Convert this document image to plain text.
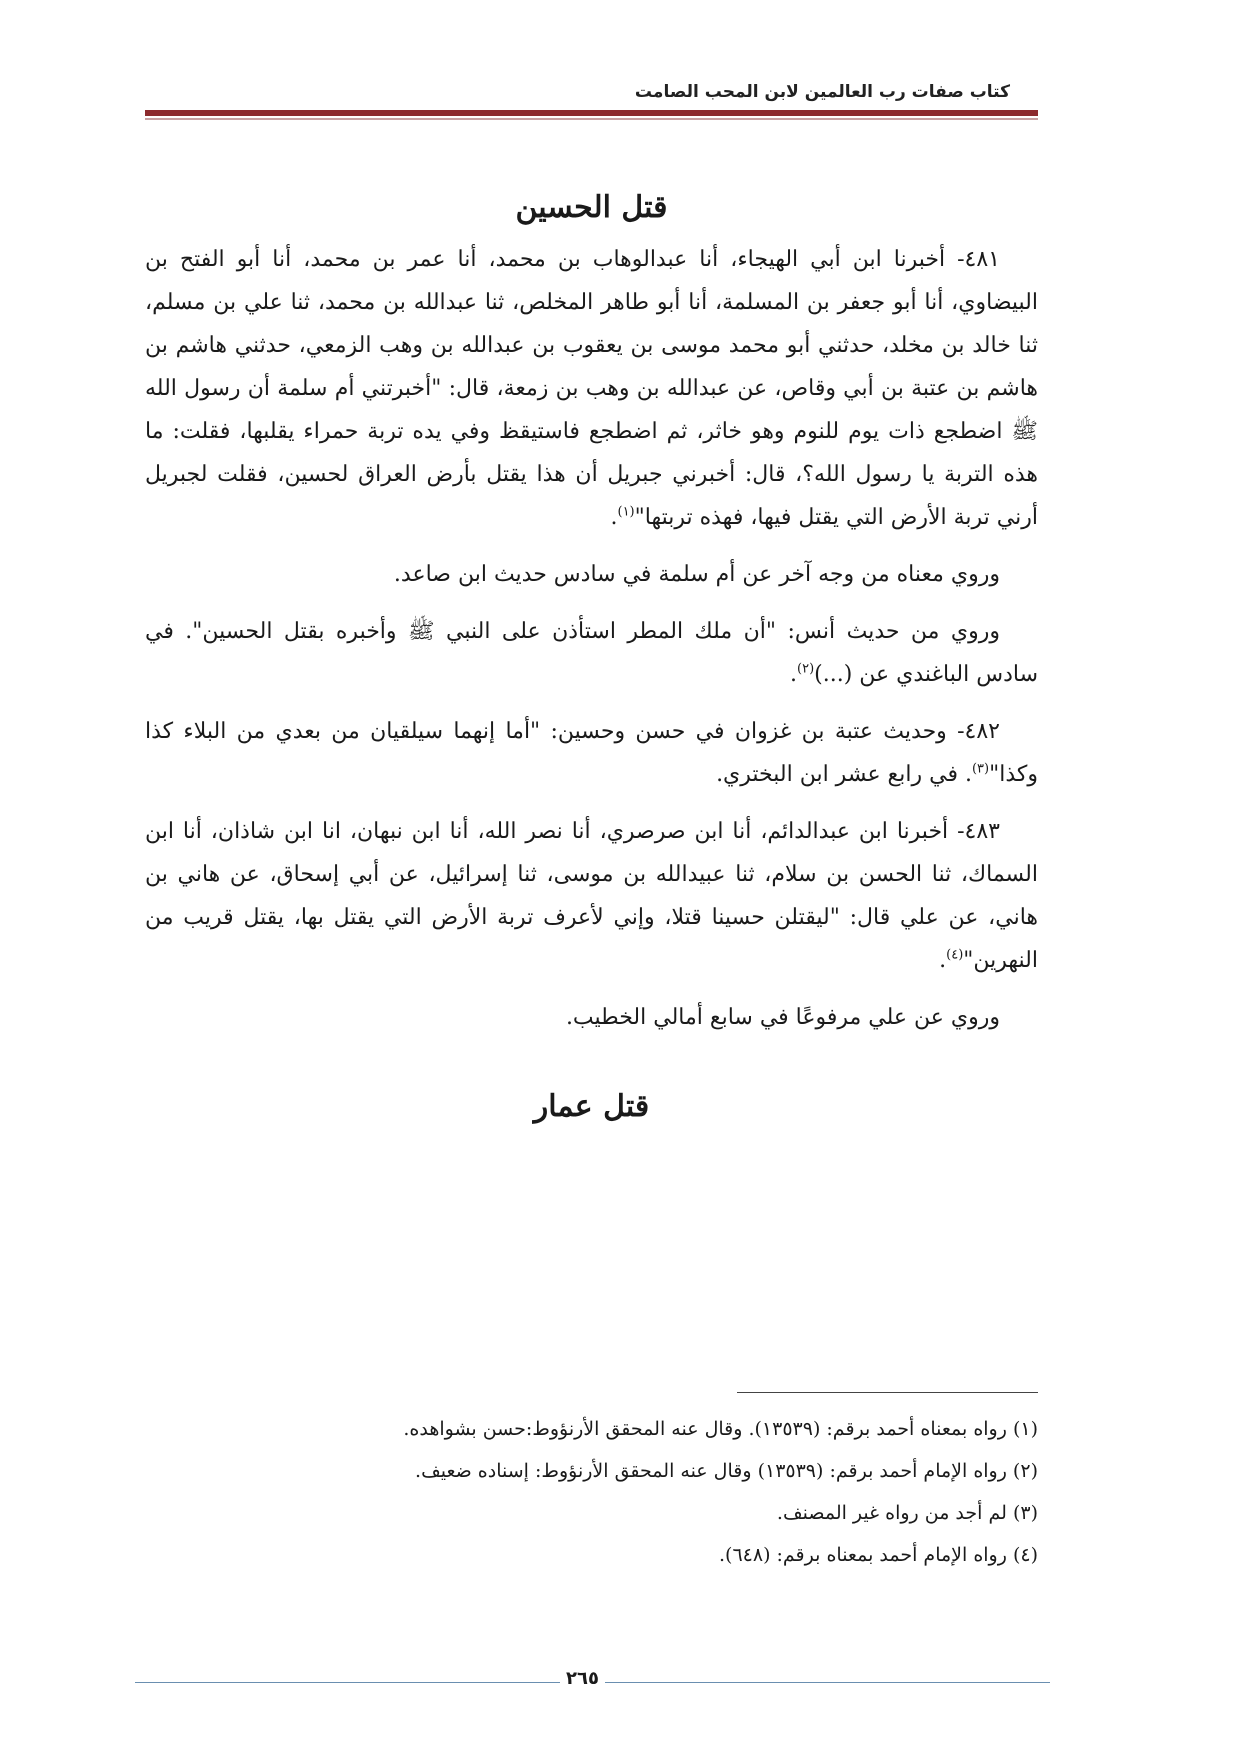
كتاب صفات رب العالمين لابن المحب الصامت
قتل الحسين

٤٨١- أخبرنا ابن أبي الهيجاء، أنا عبدالوهاب بن محمد، أنا عمر بن محمد، أنا أبو الفتح بن البيضاوي، أنا أبو جعفر بن المسلمة، أنا أبو طاهر المخلص، ثنا عبدالله بن محمد، ثنا علي بن مسلم، ثنا خالد بن مخلد، حدثني أبو محمد موسى بن يعقوب بن عبدالله بن وهب الزمعي، حدثني هاشم بن هاشم بن عتبة بن أبي وقاص، عن عبدالله بن وهب بن زمعة، قال: "أخبرتني أم سلمة أن رسول الله ﷺ اضطجع ذات يوم للنوم وهو خاثر، ثم اضطجع فاستيقظ وفي يده تربة حمراء يقلبها، فقلت: ما هذه التربة يا رسول الله؟، قال: أخبرني جبريل أن هذا يقتل بأرض العراق لحسين، فقلت لجبريل أرني تربة الأرض التي يقتل فيها، فهذه تربتها"$^{(١)}$.

وروي معناه من وجه آخر عن أم سلمة في سادس حديث ابن صاعد.

وروي من حديث أنس: "أن ملك المطر استأذن على النبي ﷺ وأخبره بقتل الحسين". في سادس الباغندي عن (...)$^{(٢)}$.

٤٨٢- وحديث عتبة بن غزوان في حسن وحسين: "أما إنهما سيلقيان من بعدي من البلاء كذا وكذا"$^{(٣)}$. في رابع عشر ابن البختري.

٤٨٣- أخبرنا ابن عبدالدائم، أنا ابن صرصري، أنا نصر الله، أنا ابن نبهان، انا ابن شاذان، أنا ابن السماك، ثنا الحسن بن سلام، ثنا عبيدالله بن موسى، ثنا إسرائيل، عن أبي إسحاق، عن هاني بن هاني، عن علي قال: "ليقتلن حسينا قتلا، وإني لأعرف تربة الأرض التي يقتل بها، يقتل قريب من النهرين"$^{(٤)}$.

وروي عن علي مرفوعًا في سابع أمالي الخطيب.

قتل عمار

(١) رواه بمعناه أحمد برقم: (١٣٥٣٩). وقال عنه المحقق الأرنؤوط:حسن بشواهده.

(٢) رواه الإمام أحمد برقم: (١٣٥٣٩) وقال عنه المحقق الأرنؤوط: إسناده ضعيف.

(٣) لم أجد من رواه غير المصنف.

(٤) رواه الإمام أحمد بمعناه برقم: (٦٤٨).

٢٦٥
